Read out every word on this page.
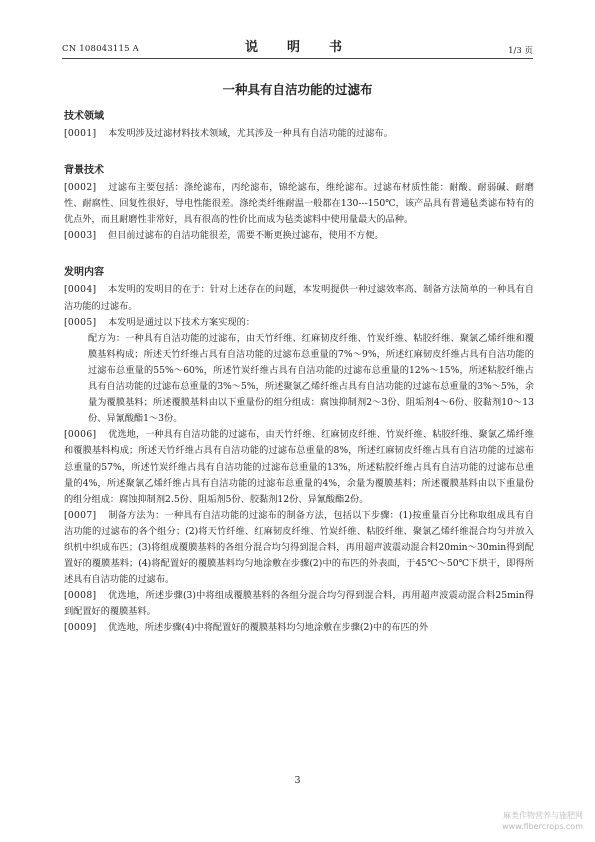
CN 108043115 A	说　明　书	1/3 页
一种具有自洁功能的过滤布
技术领域

[0001] 本发明涉及过滤材料技术领域，尤其涉及一种具有自洁功能的过滤布。

背景技术

[0002] 过滤布主要包括：涤纶滤布，丙纶滤布，锦纶滤布，维纶滤布。过滤布材质性能：耐酸、耐弱碱、耐磨性、耐腐性、回复性很好，导电性能很差。涤纶类纤维耐温一般都在130---150℃，该产品具有普通毡类滤布特有的优点外，而且耐磨性非常好，具有很高的性价比而成为毡类滤料中使用量最大的品种。

[0003] 但目前过滤布的自洁功能很差，需要不断更换过滤布，使用不方便。

发明内容

[0004] 本发明的发明目的在于：针对上述存在的问题，本发明提供一种过滤效率高、制备方法简单的一种具有自洁功能的过滤布。

[0005] 本发明是通过以下技术方案实现的：

配方为：一种具有自洁功能的过滤布，由天竹纤维、红麻韧皮纤维、竹炭纤维、粘胶纤维、聚氯乙烯纤维和覆膜基料构成；所述天竹纤维占具有自洁功能的过滤布总重量的7%～9%，所述红麻韧皮纤维占具有自洁功能的过滤布总重量的55%～60%，所述竹炭纤维占具有自洁功能的过滤布总重量的12%～15%，所述粘胶纤维占具有自洁功能的过滤布总重量的3%～5%，所述聚氯乙烯纤维占具有自洁功能的过滤布总重量的3%～5%，余量为覆膜基料；所述覆膜基料由以下重量份的组分组成：腐蚀抑制剂2～3份、阻垢剂4～6份、胶黏剂10～13份、异氰酸酯1～3份。

[0006] 优选地，一种具有自洁功能的过滤布，由天竹纤维、红麻韧皮纤维、竹炭纤维、粘胶纤维、聚氯乙烯纤维和覆膜基料构成；所述天竹纤维占具有自洁功能的过滤布总重量的8%，所述红麻韧皮纤维占具有自洁功能的过滤布总重量的57%，所述竹炭纤维占具有自洁功能的过滤布总重量的13%，所述粘胶纤维占具有自洁功能的过滤布总重量的4%，所述聚氯乙烯纤维占具有自洁功能的过滤布总重量的4%，余量为覆膜基料；所述覆膜基料由以下重量份的组分组成：腐蚀抑制剂2.5份、阻垢剂5份、胶黏剂12份、异氰酸酯2份。

[0007] 制备方法为：一种具有自洁功能的过滤布的制备方法，包括以下步骤：(1)按重量百分比称取组成具有自洁功能的过滤布的各个组分；(2)将天竹纤维、红麻韧皮纤维、竹炭纤维、粘胶纤维、聚氯乙烯纤维混合均匀并放入织机中织成布匹；(3)将组成覆膜基料的各组分混合均匀得到混合料，再用超声波震动混合料20min～30min得到配置好的覆膜基料；(4)将配置好的覆膜基料均匀地涂敷在步骤(2)中的布匹的外表面，于45℃～50℃下烘干，即得所述具有自洁功能的过滤布。

[0008] 优选地，所述步骤(3)中将组成覆膜基料的各组分混合均匀得到混合料，再用超声波震动混合料25min得到配置好的覆膜基料。

[0009] 优选地，所述步骤(4)中将配置好的覆膜基料均匀地涂敷在步骤(2)中的布匹的外

3
麻类作物营养与施肥网
www.fibercrops.com
